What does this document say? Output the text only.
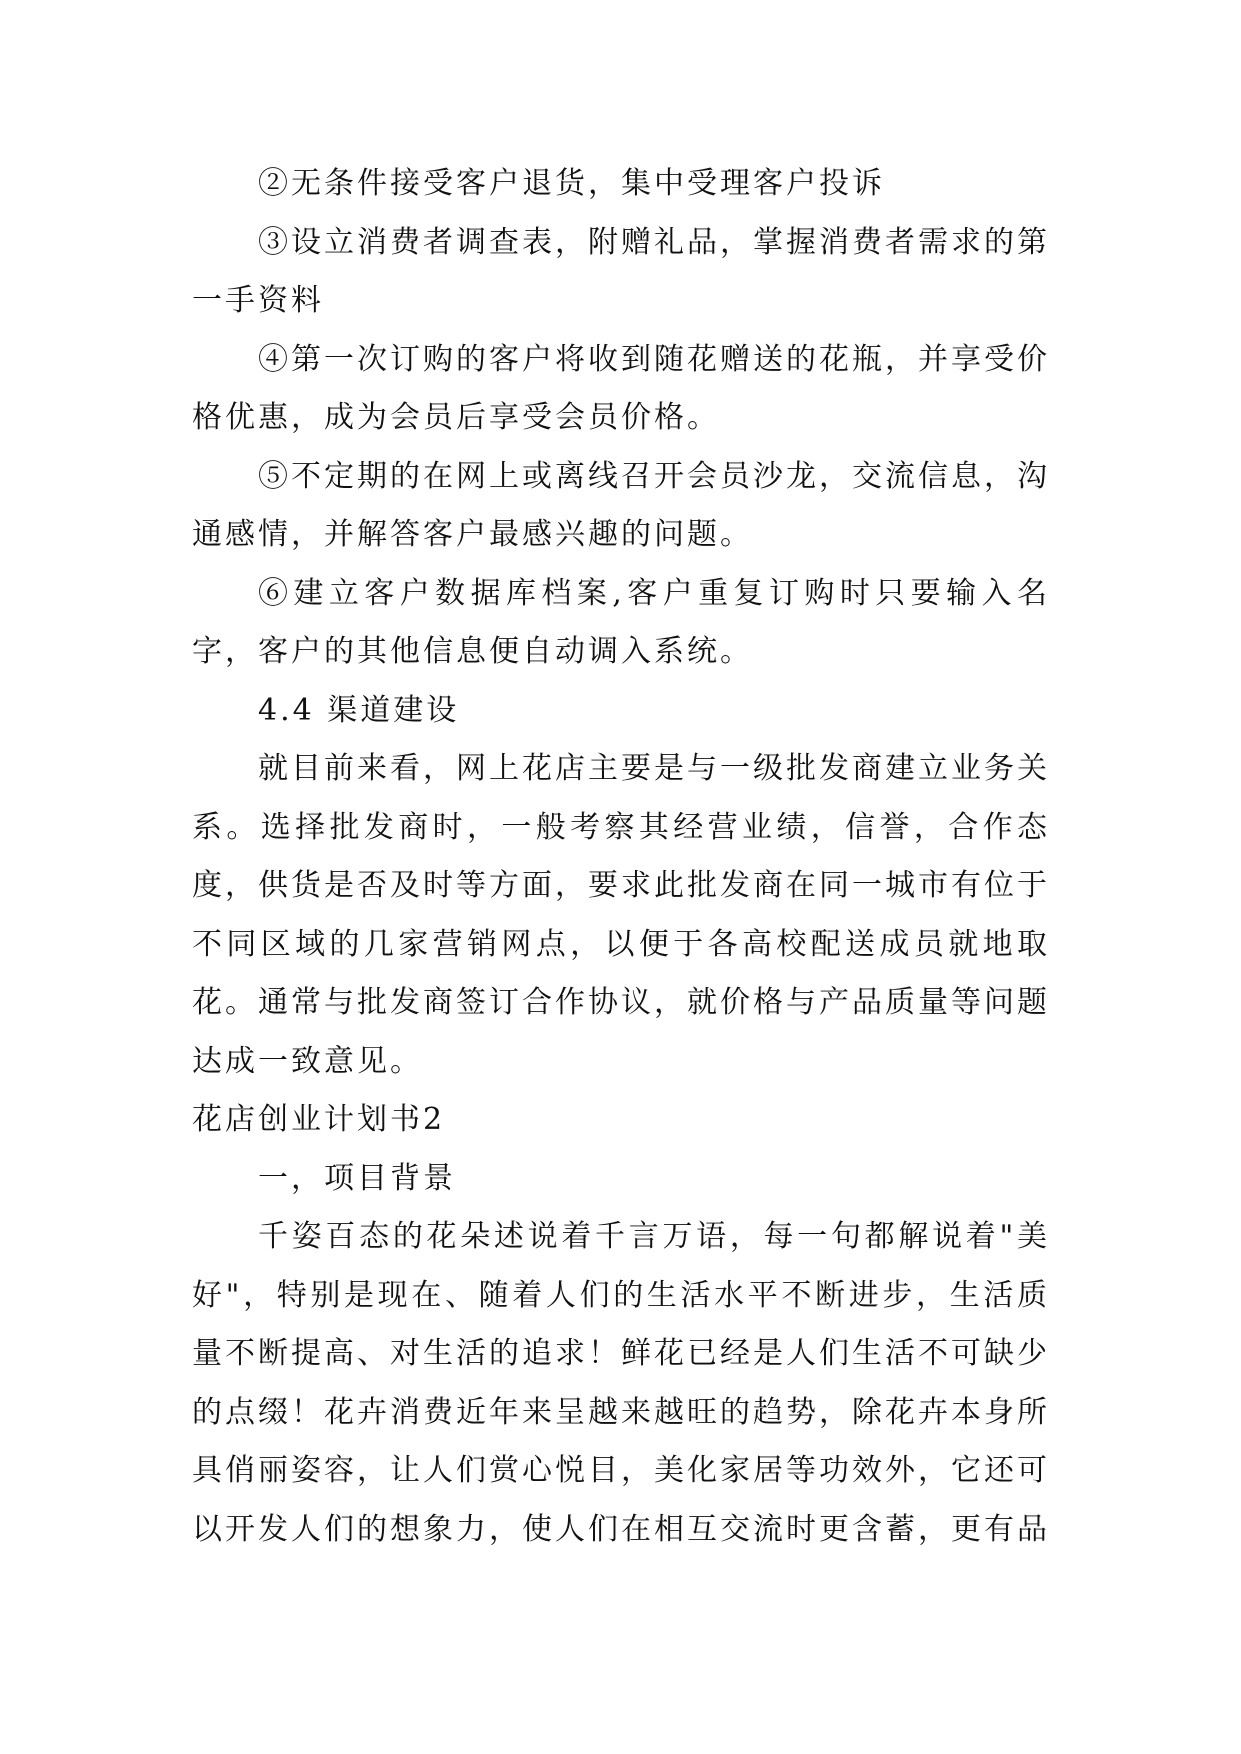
②无条件接受客户退货，集中受理客户投诉

③设立消费者调查表，附赠礼品，掌握消费者需求的第一手资料

④第一次订购的客户将收到随花赠送的花瓶，并享受价格优惠，成为会员后享受会员价格。

⑤不定期的在网上或离线召开会员沙龙，交流信息，沟通感情，并解答客户最感兴趣的问题。

⑥建立客户数据库档案,客户重复订购时只要输入名字，客户的其他信息便自动调入系统。

4.4 渠道建设

就目前来看，网上花店主要是与一级批发商建立业务关系。选择批发商时，一般考察其经营业绩，信誉，合作态度，供货是否及时等方面，要求此批发商在同一城市有位于不同区域的几家营销网点，以便于各高校配送成员就地取花。通常与批发商签订合作协议，就价格与产品质量等问题达成一致意见。

花店创业计划书2

一，项目背景

千姿百态的花朵述说着千言万语，每一句都解说着"美好"，特别是现在、随着人们的生活水平不断进步，生活质量不断提高、对生活的追求！鲜花已经是人们生活不可缺少的点缀！花卉消费近年来呈越来越旺的趋势，除花卉本身所具俏丽姿容，让人们赏心悦目，美化家居等功效外，它还可以开发人们的想象力，使人们在相互交流时更含蓄，更有品
